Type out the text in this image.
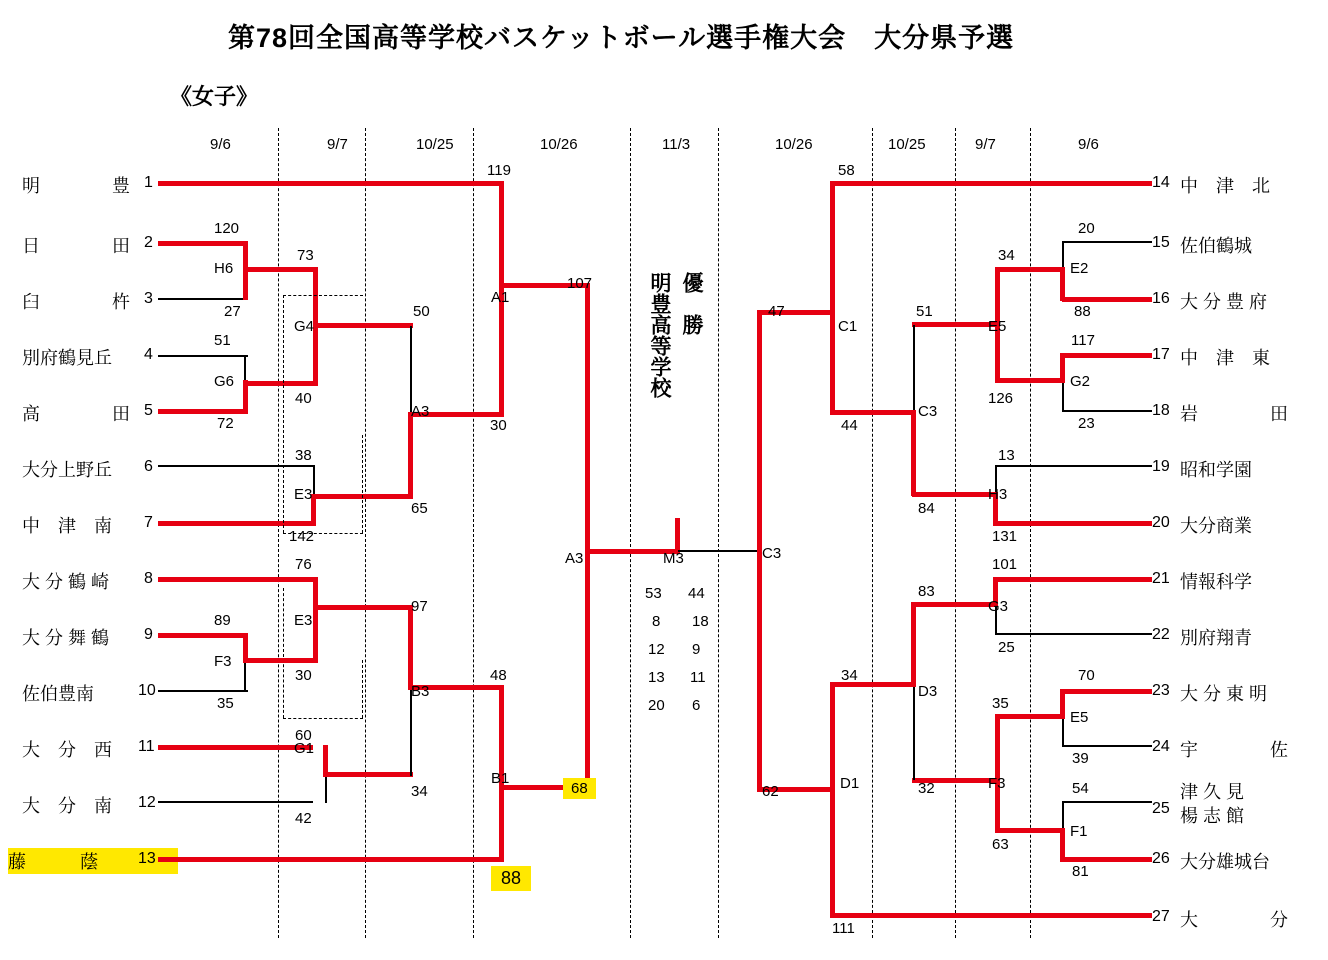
第78回全国高等学校バスケットボール選手権大会　大分県予選
《女子》
9/6	9/7	10/25	10/26	11/3	10/26	10/25	9/7	9/6
明　　　　豊 1
日　　　　田 2
臼　　　　杵 3
別府鶴見丘 4
高　　　　田 5
大分上野丘 6
中　津　南 7
大 分 鶴 崎 8
大 分 舞 鶴 9
佐伯豊南	10
大　分　西 11
大　分　南 12
藤　　　蔭	13
14 中　津　北
15 佐伯鶴城
16 大 分 豊 府
17 中　津　東
18 岩　　　　田
19 昭和学園
20 大分商業
21 情報科学
22 別府翔青
23 大 分 東 明
24 宇　　　　佐
25
津 久 見
楊 志 館
26 大分雄城台
27 大　　　　分
優　勝
明豊高等学校
119
120
27
73
51
40
72
50
30
38
142
65
76
89
35
30
97
48
60
42
34
107
68
88
H6
G4
G6
A1
A3
E3
E3
F3
B3
G1
B1
A3	M3
53 44
8 18
12 9
13 11
20 6
58
20
88
34
117
23
126
51
47
44
84
13
131
101
25
83
34	70
39
35
32	54
63
81
62
111
C1
E2
E5
G2
C3
H3
G3
D3
E5
F3
F1
D1
C3
